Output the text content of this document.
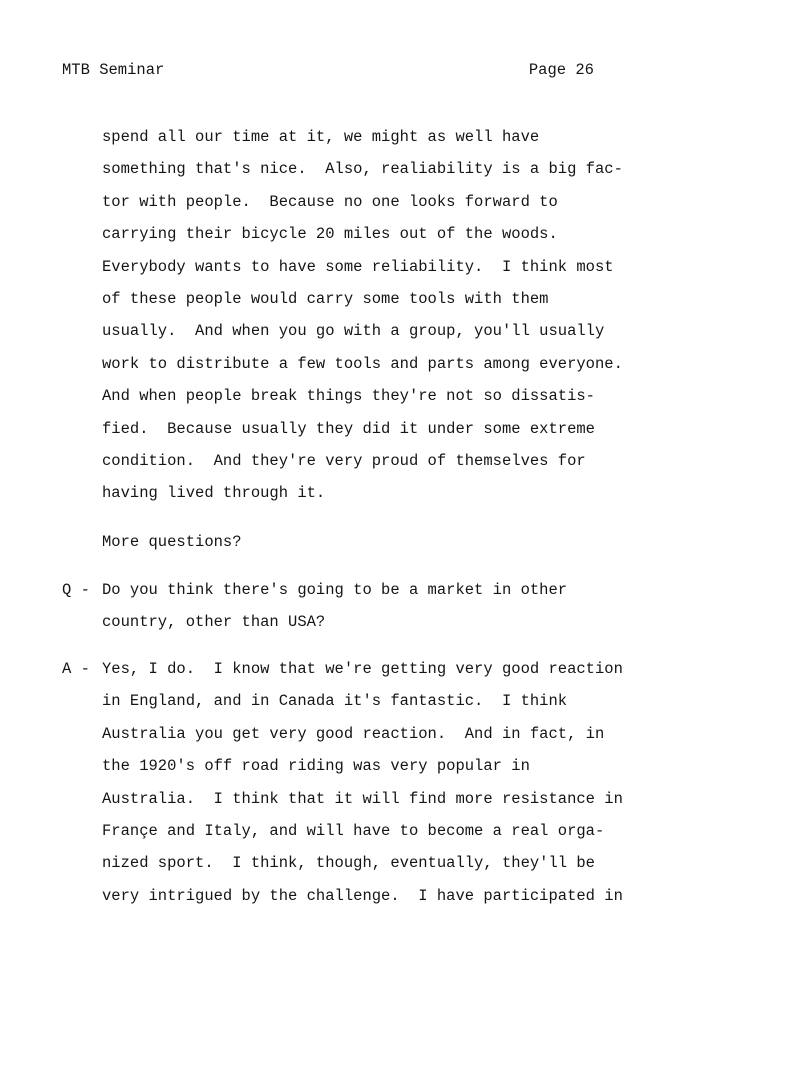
MTB Seminar	Page 26
spend all our time at it, we might as well have
something that's nice.  Also, realiability is a big fac-
tor with people.  Because no one looks forward to
carrying their bicycle 20 miles out of the woods.
Everybody wants to have some reliability.  I think most
of these people would carry some tools with them
usually.  And when you go with a group, you'll usually
work to distribute a few tools and parts among everyone.
And when people break things they're not so dissatis-
fied.  Because usually they did it under some extreme
condition.  And they're very proud of themselves for
having lived through it.
More questions?
Q - Do you think there's going to be a market in other
country, other than USA?
A - Yes, I do.  I know that we're getting very good reaction
in England, and in Canada it's fantastic.  I think
Australia you get very good reaction.  And in fact, in
the 1920's off road riding was very popular in
Australia.  I think that it will find more resistance in
Françe and Italy, and will have to become a real orga-
nized sport.  I think, though, eventually, they'll be
very intrigued by the challenge.  I have participated in
